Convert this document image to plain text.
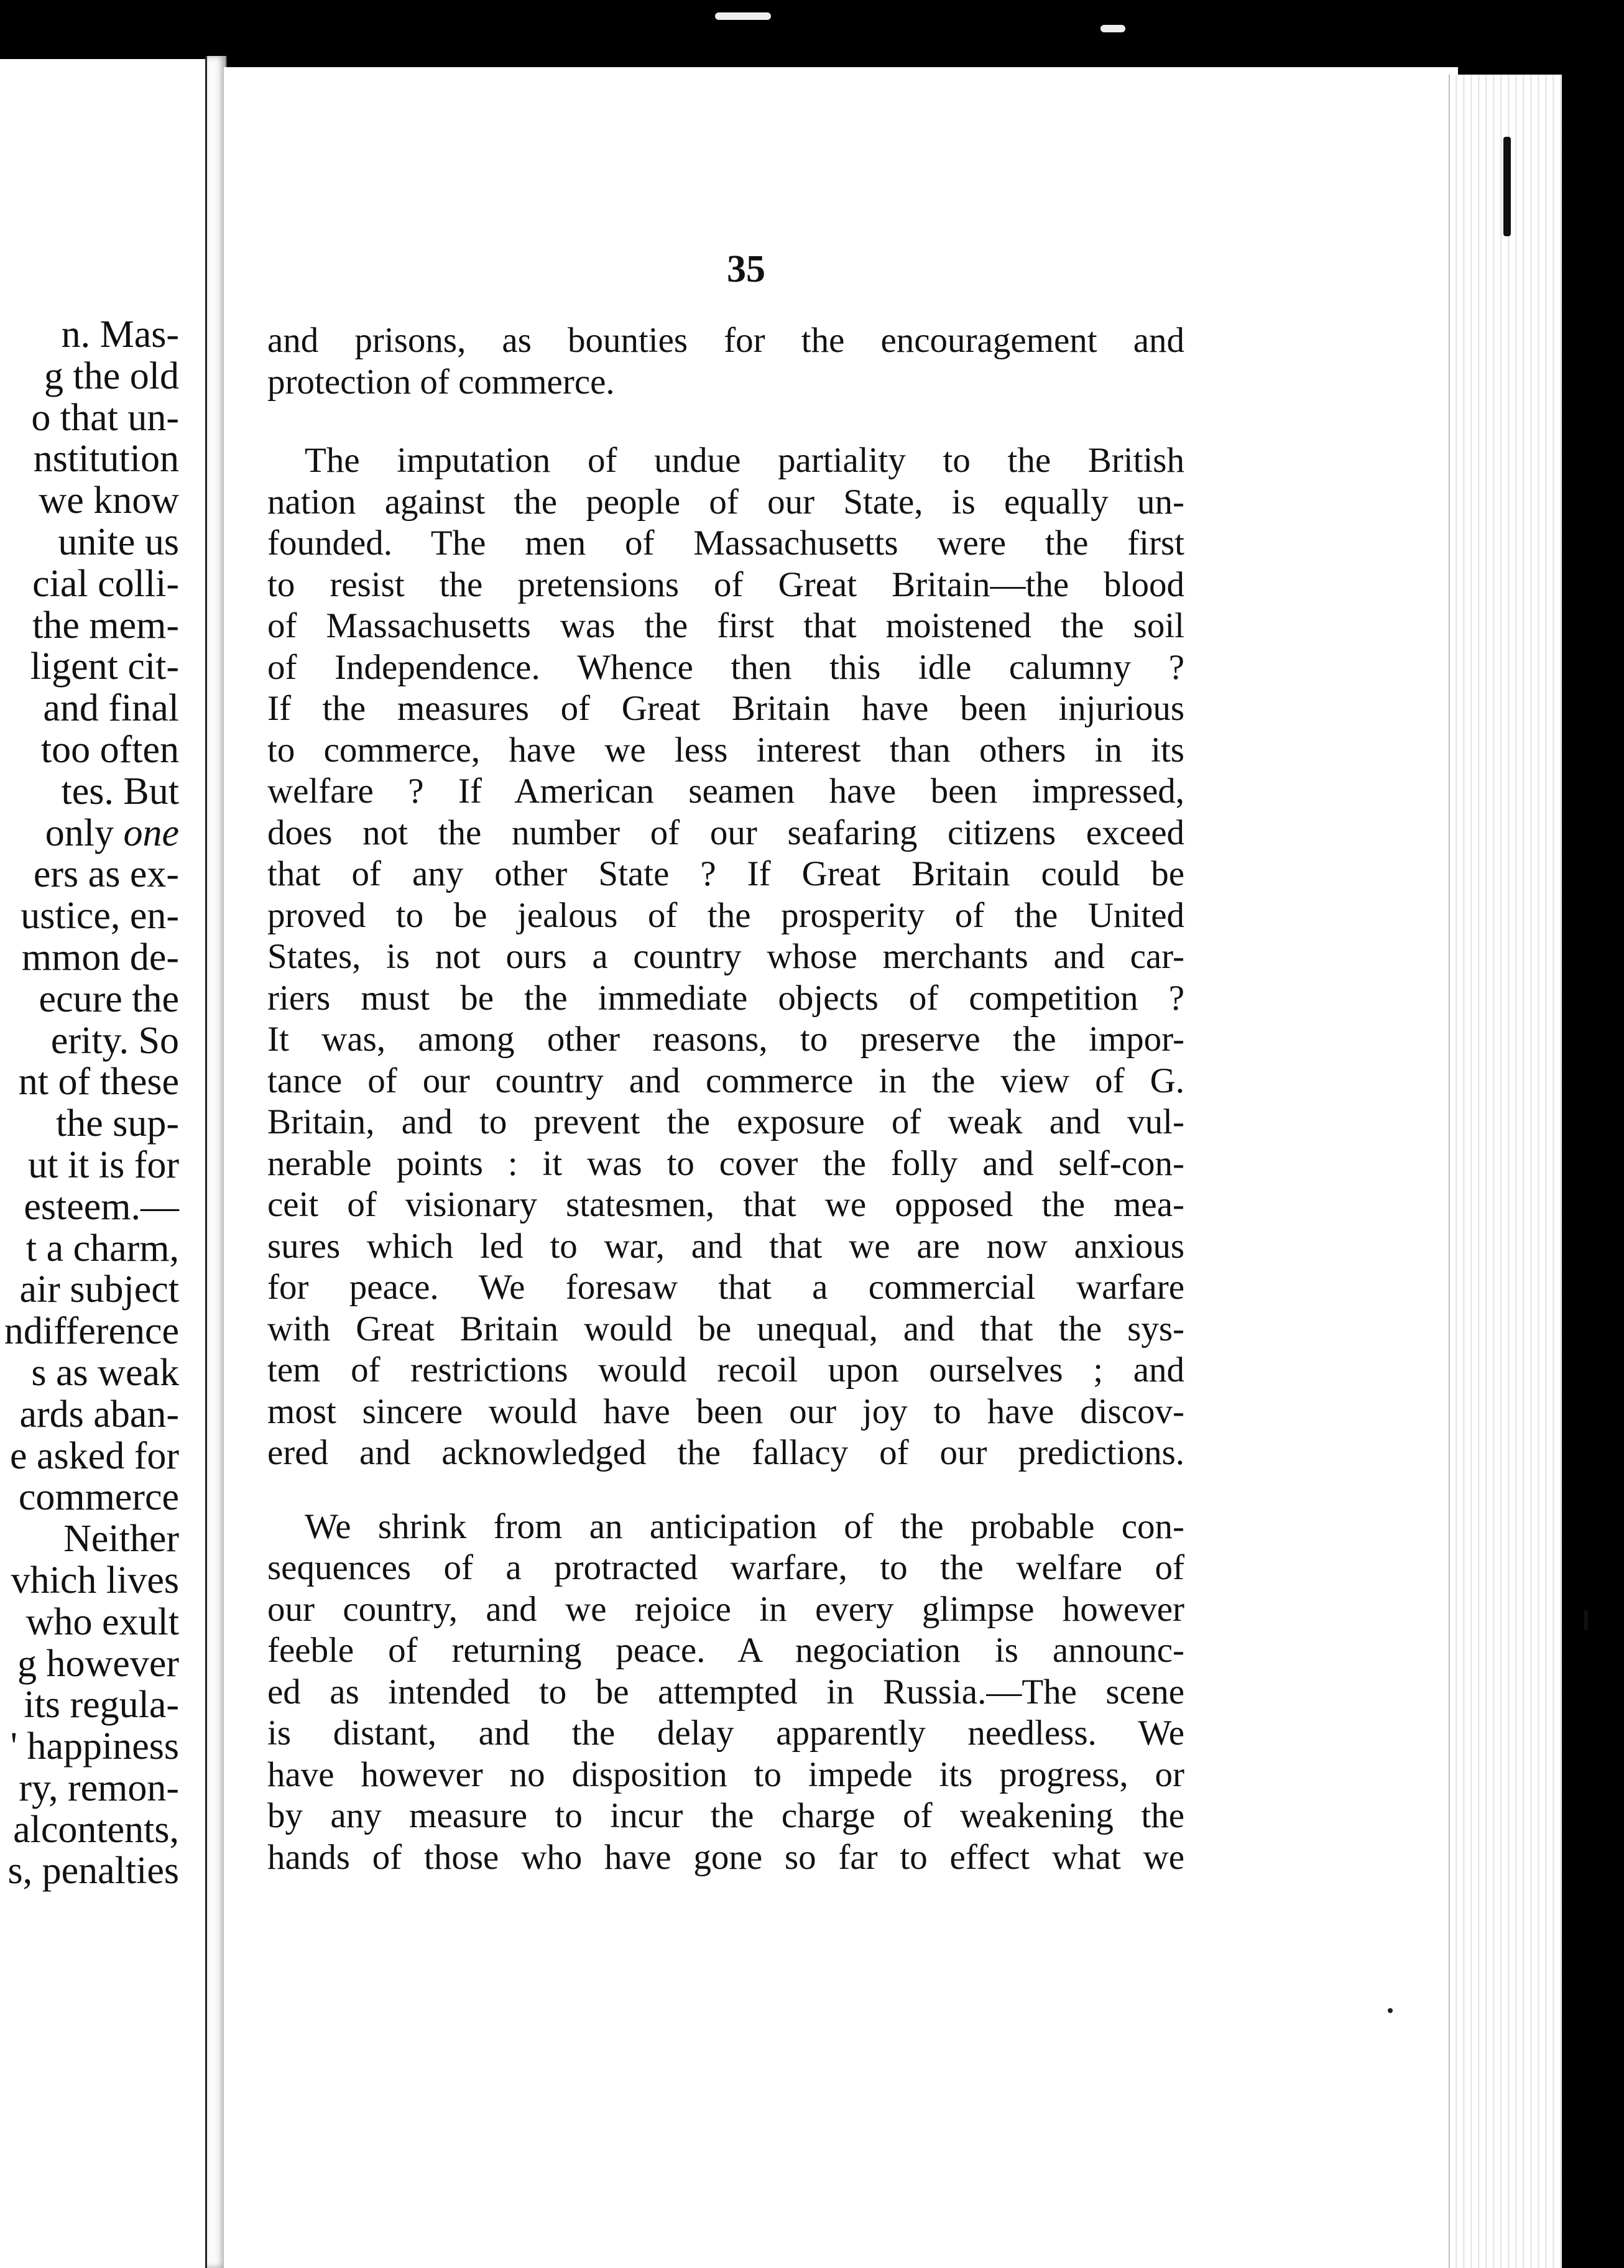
n. Mas-
g the old
o that un-
nstitution
we know
unite us
cial colli-
the mem-
ligent cit-
and final
too often
tes. But
only one
ers as ex-
ustice, en-
mmon de-
ecure the
erity. So
nt of these
the sup-
ut it is for
esteem.—
t a charm,
air subject
ndifference
s as weak
ards aban-
e asked for
commerce
Neither
vhich lives
who exult
g however
its regula-
' happiness
ry, remon-
alcontents,
s, penalties
35
and prisons, as bounties for the encouragement and
protection of commerce.
The imputation of undue partiality to the British
nation against the people of our State, is equally un-
founded. The men of Massachusetts were the first
to resist the pretensions of Great Britain—the blood
of Massachusetts was the first that moistened the soil
of Independence. Whence then this idle calumny ?
If the measures of Great Britain have been injurious
to commerce, have we less interest than others in its
welfare ? If American seamen have been impressed,
does not the number of our seafaring citizens exceed
that of any other State ? If Great Britain could be
proved to be jealous of the prosperity of the United
States, is not ours a country whose merchants and car-
riers must be the immediate objects of competition ?
It was, among other reasons, to preserve the impor-
tance of our country and commerce in the view of G.
Britain, and to prevent the exposure of weak and vul-
nerable points : it was to cover the folly and self-con-
ceit of visionary statesmen, that we opposed the mea-
sures which led to war, and that we are now anxious
for peace. We foresaw that a commercial warfare
with Great Britain would be unequal, and that the sys-
tem of restrictions would recoil upon ourselves ; and
most sincere would have been our joy to have discov-
ered and acknowledged the fallacy of our predictions.
We shrink from an anticipation of the probable con-
sequences of a protracted warfare, to the welfare of
our country, and we rejoice in every glimpse however
feeble of returning peace. A negociation is announc-
ed as intended to be attempted in Russia.—The scene
is distant, and the delay apparently needless. We
have however no disposition to impede its progress, or
by any measure to incur the charge of weakening the
hands of those who have gone so far to effect what we
